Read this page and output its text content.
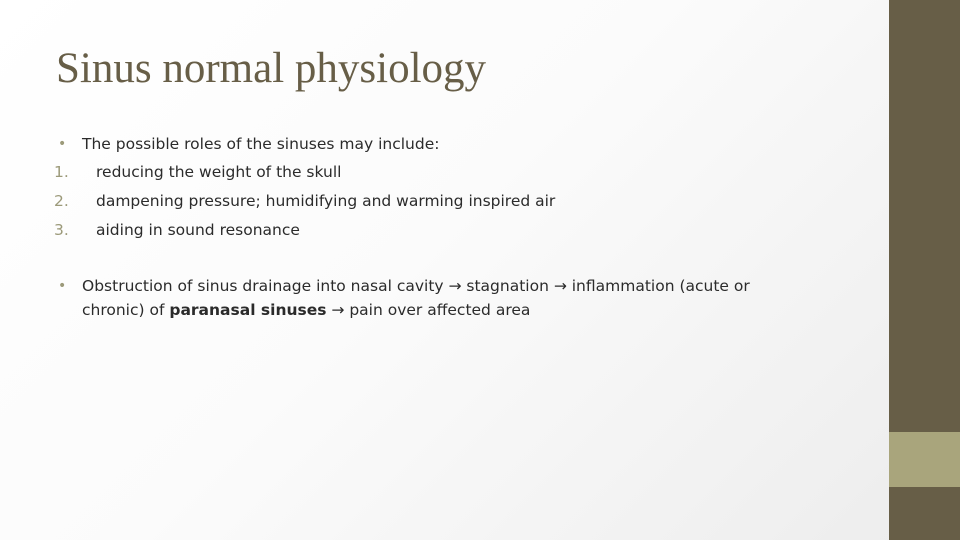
Sinus normal physiology
• The possible roles of the sinuses may include:
1. reducing the weight of the skull
2. dampening pressure; humidifying and warming inspired air
3. aiding in sound resonance
• Obstruction of sinus drainage into nasal cavity → stagnation → inflammation (acute or chronic) of paranasal sinuses → pain over affected area
